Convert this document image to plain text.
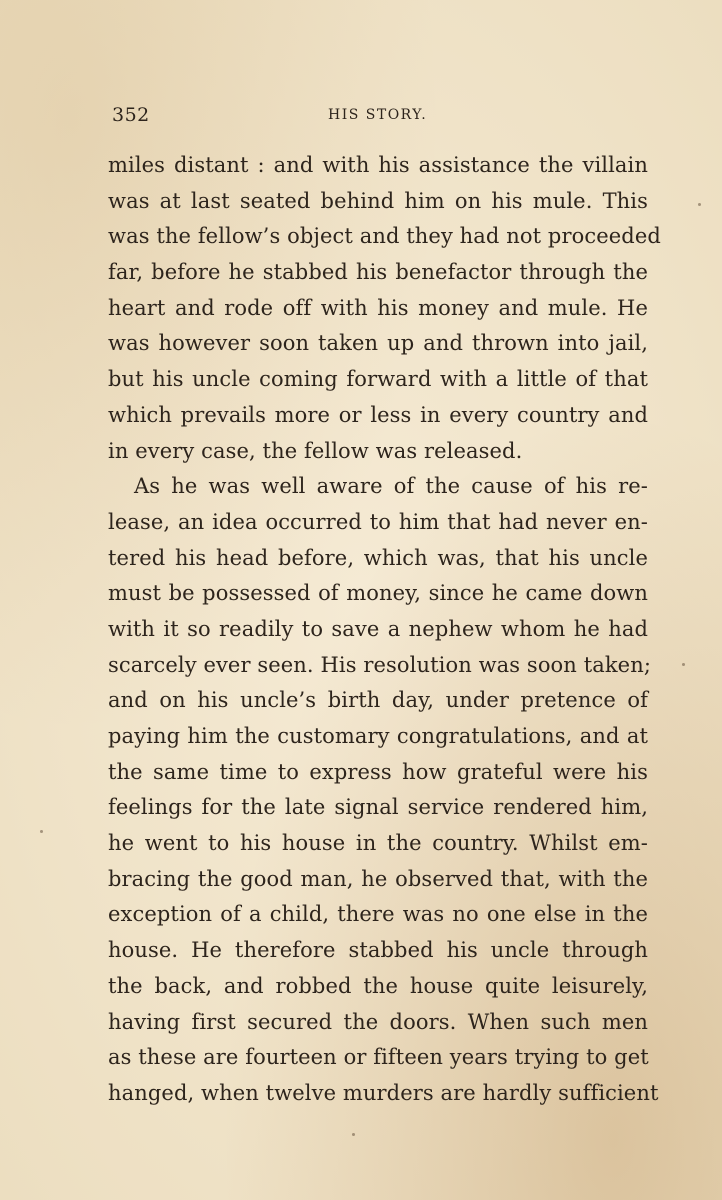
352	HIS STORY.
miles distant : and with his assistance the villain
was at last seated behind him on his mule. This
was the fellow’s object and they had not proceeded
far, before he stabbed his benefactor through the
heart and rode off with his money and mule. He
was however soon taken up and thrown into jail,
but his uncle coming forward with a little of that
which prevails more or less in every country and
in every case, the fellow was released.
As he was well aware of the cause of his re-
lease, an idea occurred to him that had never en-
tered his head before, which was, that his uncle
must be possessed of money, since he came down
with it so readily to save a nephew whom he had
scarcely ever seen. His resolution was soon taken;
and on his uncle’s birth day, under pretence of
paying him the customary congratulations, and at
the same time to express how grateful were his
feelings for the late signal service rendered him,
he went to his house in the country. Whilst em-
bracing the good man, he observed that, with the
exception of a child, there was no one else in the
house. He therefore stabbed his uncle through
the back, and robbed the house quite leisurely,
having first secured the doors. When such men
as these are fourteen or fifteen years trying to get
hanged, when twelve murders are hardly sufficient
